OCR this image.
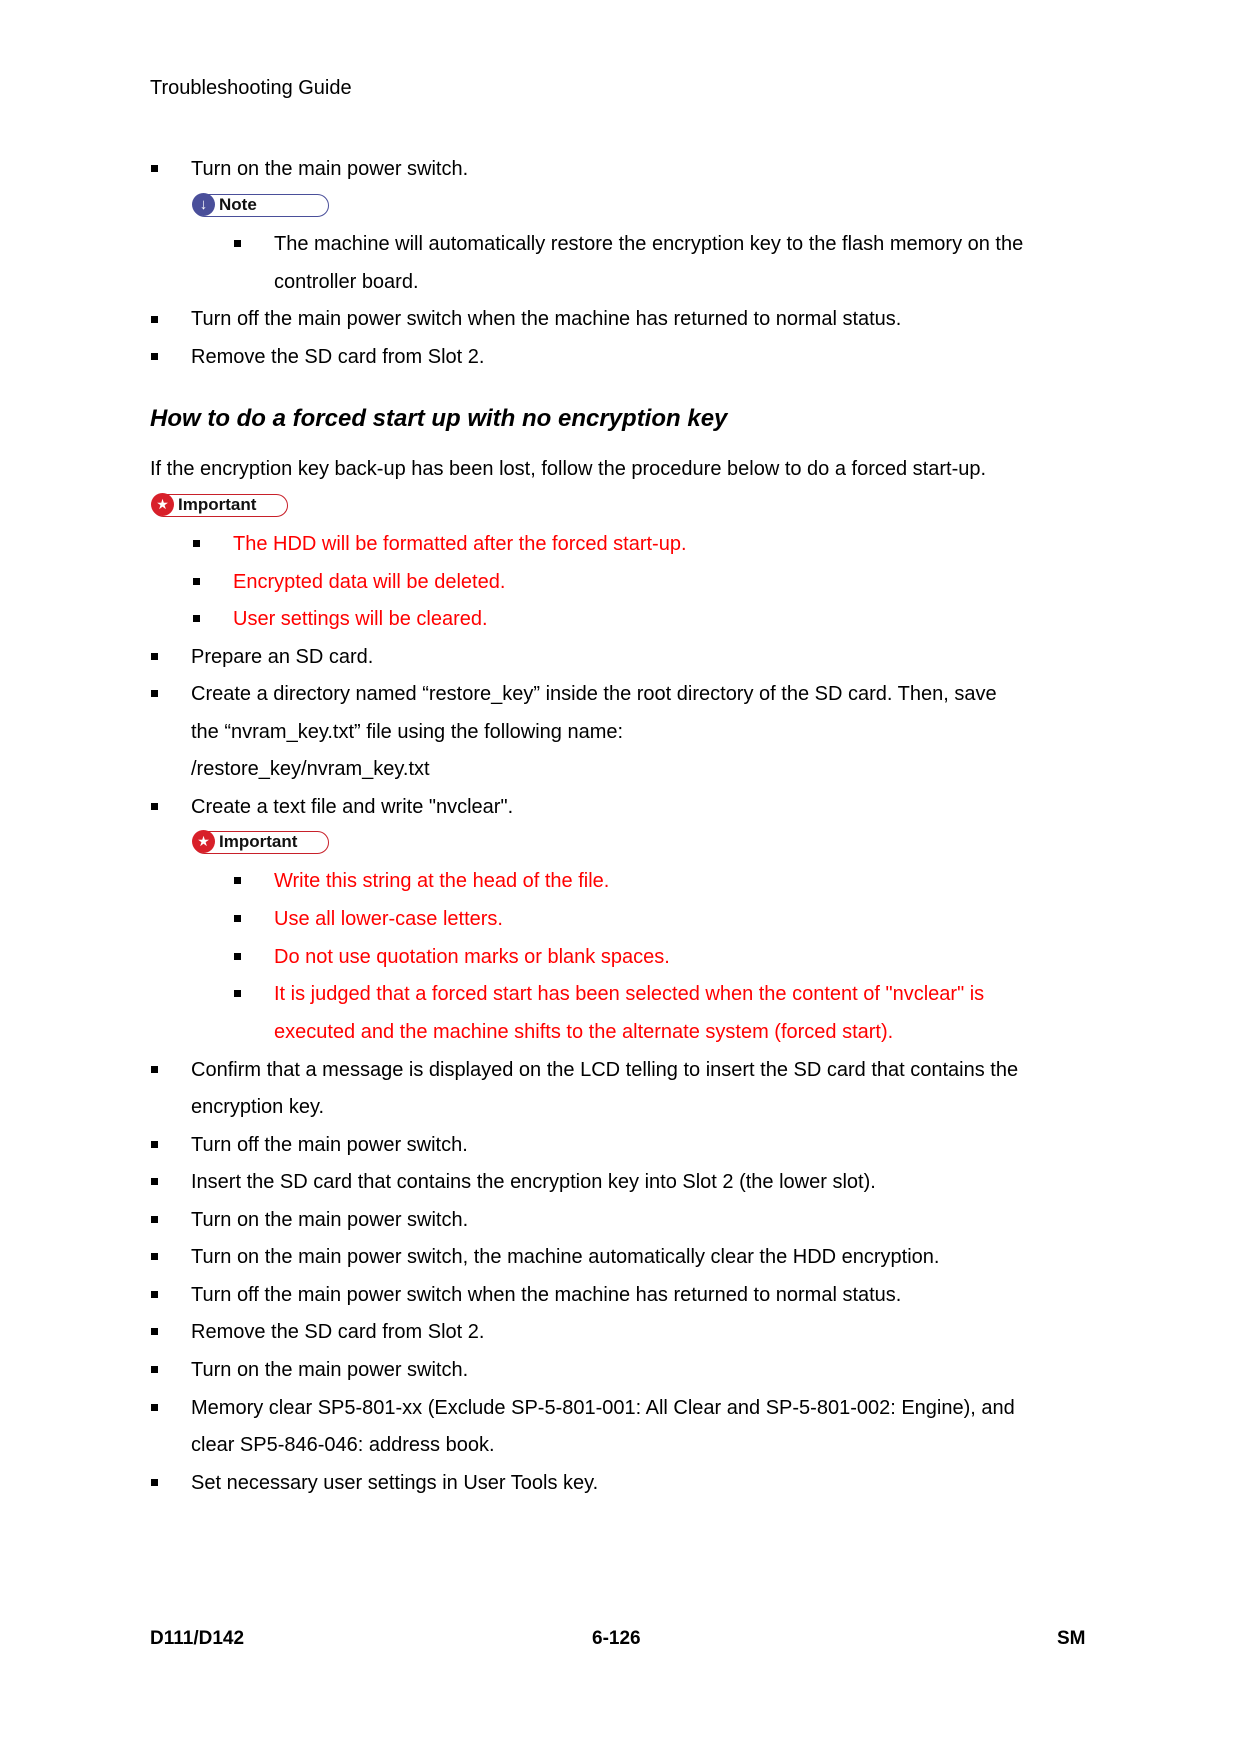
Troubleshooting Guide
Turn on the main power switch.
↓ Note
The machine will automatically restore the encryption key to the flash memory on the
controller board.
Turn off the main power switch when the machine has returned to normal status.
Remove the SD card from Slot 2.
How to do a forced start up with no encryption key
If the encryption key back-up has been lost, follow the procedure below to do a forced start-up.
★ Important
The HDD will be formatted after the forced start-up.
Encrypted data will be deleted.
User settings will be cleared.
Prepare an SD card.
Create a directory named “restore_key” inside the root directory of the SD card. Then, save
the “nvram_key.txt” file using the following name:
/restore_key/nvram_key.txt
Create a text file and write "nvclear".
★ Important
Write this string at the head of the file.
Use all lower-case letters.
Do not use quotation marks or blank spaces.
It is judged that a forced start has been selected when the content of "nvclear" is
executed and the machine shifts to the alternate system (forced start).
Confirm that a message is displayed on the LCD telling to insert the SD card that contains the
encryption key.
Turn off the main power switch.
Insert the SD card that contains the encryption key into Slot 2 (the lower slot).
Turn on the main power switch.
Turn on the main power switch, the machine automatically clear the HDD encryption.
Turn off the main power switch when the machine has returned to normal status.
Remove the SD card from Slot 2.
Turn on the main power switch.
Memory clear SP5-801-xx (Exclude SP-5-801-001: All Clear and SP-5-801-002: Engine), and
clear SP5-846-046: address book.
Set necessary user settings in User Tools key.
D111/D142	6-126	SM
